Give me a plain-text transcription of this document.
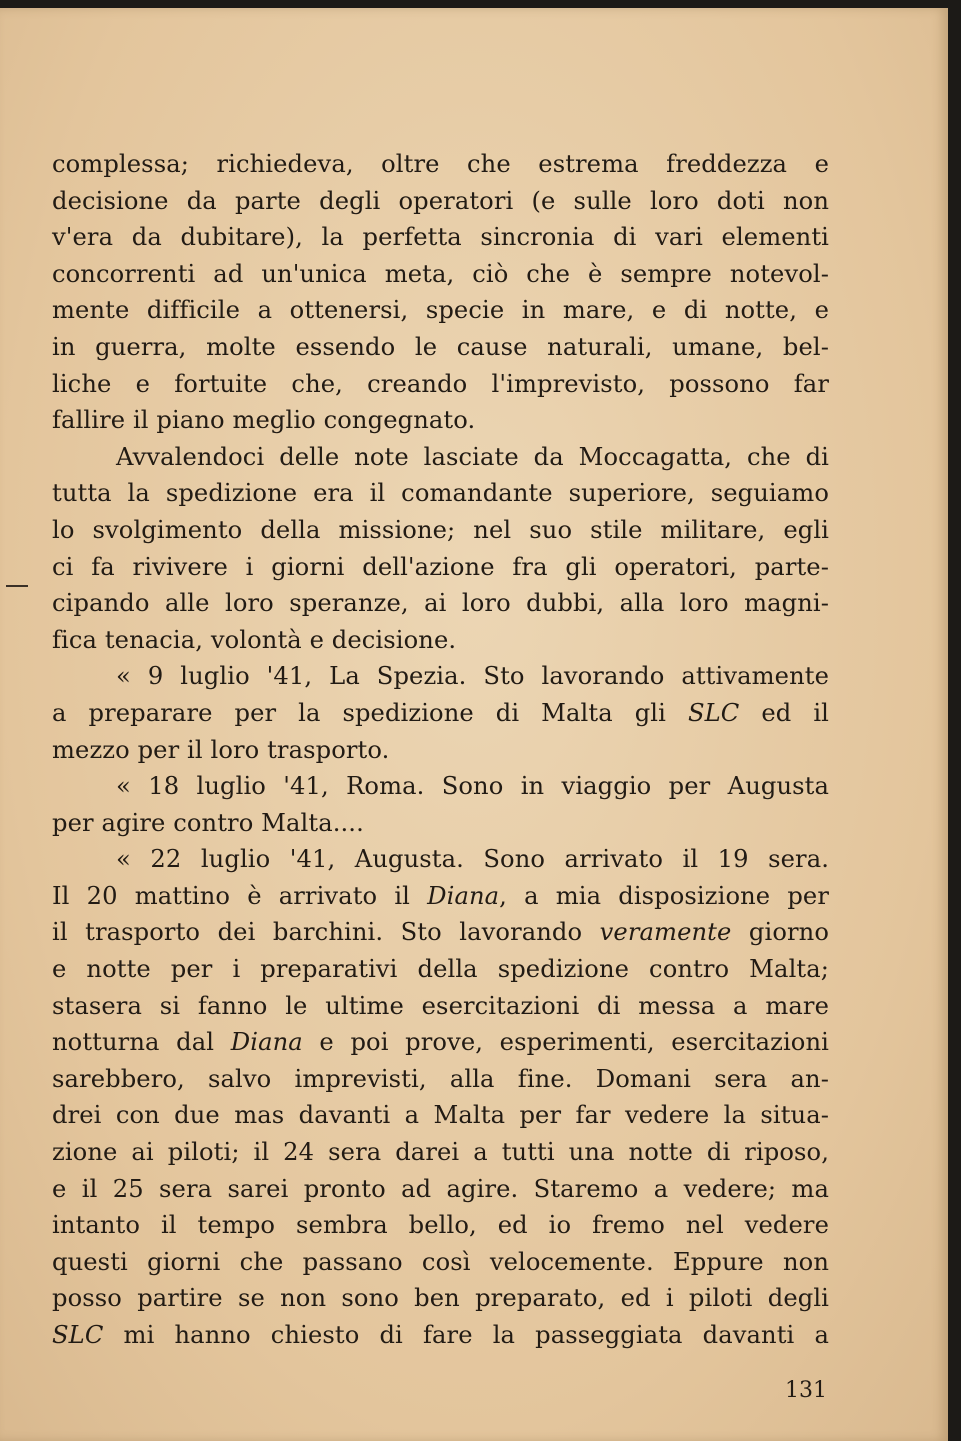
complessa; richiedeva, oltre che estrema freddezza e
decisione da parte degli operatori (e sulle loro doti non
v'era da dubitare), la perfetta sincronia di vari elementi
concorrenti ad un'unica meta, ciò che è sempre notevol-
mente difficile a ottenersi, specie in mare, e di notte, e
in guerra, molte essendo le cause naturali, umane, bel-
liche e fortuite che, creando l'imprevisto, possono far
fallire il piano meglio congegnato.

Avvalendoci delle note lasciate da Moccagatta, che di
tutta la spedizione era il comandante superiore, seguiamo
lo svolgimento della missione; nel suo stile militare, egli
ci fa rivivere i giorni dell'azione fra gli operatori, parte-
cipando alle loro speranze, ai loro dubbi, alla loro magni-
fica tenacia, volontà e decisione.

« 9 luglio '41, La Spezia. Sto lavorando attivamente
a preparare per la spedizione di Malta gli SLC ed il
mezzo per il loro trasporto.

« 18 luglio '41, Roma. Sono in viaggio per Augusta
per agire contro Malta....

« 22 luglio '41, Augusta. Sono arrivato il 19 sera.
Il 20 mattino è arrivato il Diana, a mia disposizione per
il trasporto dei barchini. Sto lavorando veramente giorno
e notte per i preparativi della spedizione contro Malta;
stasera si fanno le ultime esercitazioni di messa a mare
notturna dal Diana e poi prove, esperimenti, esercitazioni
sarebbero, salvo imprevisti, alla fine. Domani sera an-
drei con due mas davanti a Malta per far vedere la situa-
zione ai piloti; il 24 sera darei a tutti una notte di riposo,
e il 25 sera sarei pronto ad agire. Staremo a vedere; ma
intanto il tempo sembra bello, ed io fremo nel vedere
questi giorni che passano così velocemente. Eppure non
posso partire se non sono ben preparato, ed i piloti degli
SLC mi hanno chiesto di fare la passeggiata davanti a

131
